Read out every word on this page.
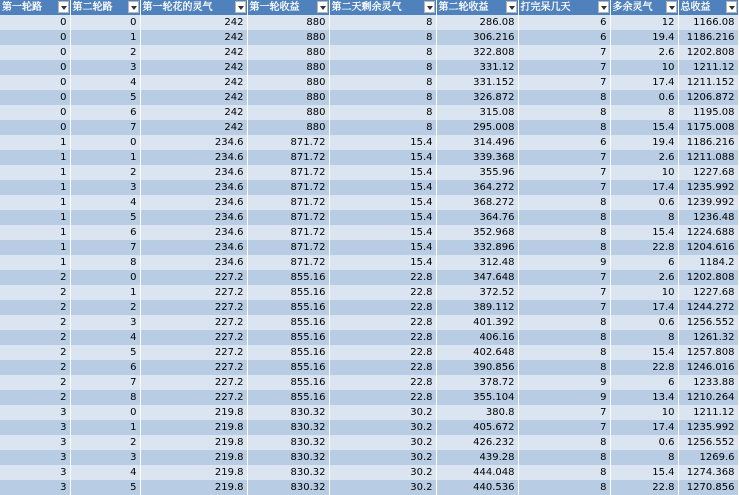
第一轮路	第二轮路	第一轮花的灵气	第一轮收益	第二天剩余灵气	第二轮收益	打完呆几天	多余灵气	总收益

0	0	242	880	8	286.08	6	12	1166.08
0	1	242	880	8	306.216	6	19.4	1186.216
0	2	242	880	8	322.808	7	2.6	1202.808
0	3	242	880	8	331.12	7	10	1211.12
0	4	242	880	8	331.152	7	17.4	1211.152
0	5	242	880	8	326.872	8	0.6	1206.872
0	6	242	880	8	315.08	8	8	1195.08
0	7	242	880	8	295.008	8	15.4	1175.008
1	0	234.6	871.72	15.4	314.496	6	19.4	1186.216
1	1	234.6	871.72	15.4	339.368	7	2.6	1211.088
1	2	234.6	871.72	15.4	355.96	7	10	1227.68
1	3	234.6	871.72	15.4	364.272	7	17.4	1235.992
1	4	234.6	871.72	15.4	368.272	8	0.6	1239.992
1	5	234.6	871.72	15.4	364.76	8	8	1236.48
1	6	234.6	871.72	15.4	352.968	8	15.4	1224.688
1	7	234.6	871.72	15.4	332.896	8	22.8	1204.616
1	8	234.6	871.72	15.4	312.48	9	6	1184.2
2	0	227.2	855.16	22.8	347.648	7	2.6	1202.808
2	1	227.2	855.16	22.8	372.52	7	10	1227.68
2	2	227.2	855.16	22.8	389.112	7	17.4	1244.272
2	3	227.2	855.16	22.8	401.392	8	0.6	1256.552
2	4	227.2	855.16	22.8	406.16	8	8	1261.32
2	5	227.2	855.16	22.8	402.648	8	15.4	1257.808
2	6	227.2	855.16	22.8	390.856	8	22.8	1246.016
2	7	227.2	855.16	22.8	378.72	9	6	1233.88
2	8	227.2	855.16	22.8	355.104	9	13.4	1210.264
3	0	219.8	830.32	30.2	380.8	7	10	1211.12
3	1	219.8	830.32	30.2	405.672	7	17.4	1235.992
3	2	219.8	830.32	30.2	426.232	8	0.6	1256.552
3	3	219.8	830.32	30.2	439.28	8	8	1269.6
3	4	219.8	830.32	30.2	444.048	8	15.4	1274.368
3	5	219.8	830.32	30.2	440.536	8	22.8	1270.856
